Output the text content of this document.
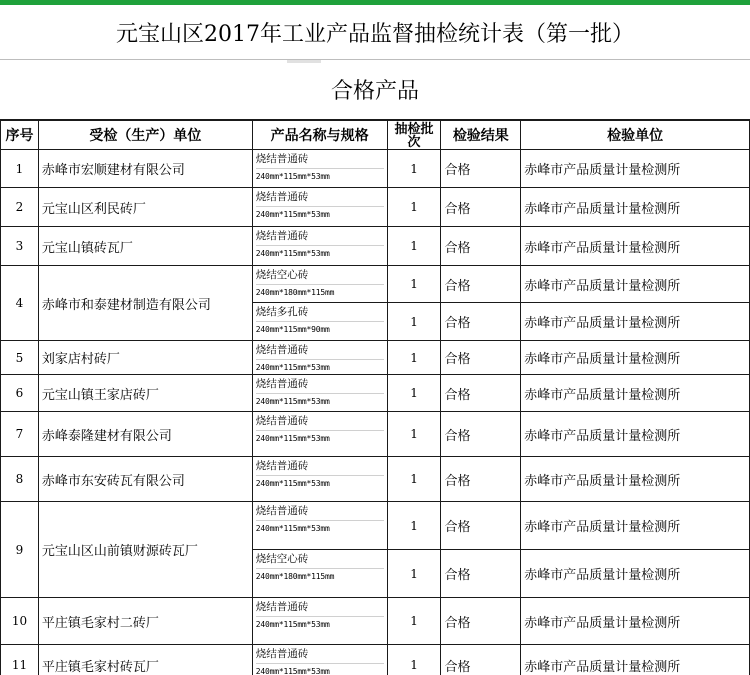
元宝山区2017年工业产品监督抽检统计表（第一批）
合格产品
序号	受检（生产）单位	产品名称与规格	抽检批次	检验结果	检验单位
1	赤峰市宏顺建材有限公司	烧结普通砖
240mm*115mm*53mm	1	合格	赤峰市产品质量计量检测所
2	元宝山区利民砖厂	烧结普通砖
240mm*115mm*53mm	1	合格	赤峰市产品质量计量检测所
3	元宝山镇砖瓦厂	烧结普通砖
240mm*115mm*53mm	1	合格	赤峰市产品质量计量检测所
4	赤峰市和泰建材制造有限公司	烧结空心砖
240mm*180mm*115mm	1	合格	赤峰市产品质量计量检测所

		烧结多孔砖
240mm*115mm*90mm	1	合格	赤峰市产品质量计量检测所
5	刘家店村砖厂	烧结普通砖
240mm*115mm*53mm	1	合格	赤峰市产品质量计量检测所
6	元宝山镇王家店砖厂	烧结普通砖
240mm*115mm*53mm	1	合格	赤峰市产品质量计量检测所
7	赤峰泰隆建材有限公司	烧结普通砖
240mm*115mm*53mm	1	合格	赤峰市产品质量计量检测所
8	赤峰市东安砖瓦有限公司	烧结普通砖
240mm*115mm*53mm	1	合格	赤峰市产品质量计量检测所
9	元宝山区山前镇财源砖瓦厂	烧结普通砖
240mm*115mm*53mm	1	合格	赤峰市产品质量计量检测所

		烧结空心砖
240mm*180mm*115mm	1	合格	赤峰市产品质量计量检测所
10	平庄镇毛家村二砖厂	烧结普通砖
240mm*115mm*53mm	1	合格	赤峰市产品质量计量检测所
11	平庄镇毛家村砖瓦厂	烧结普通砖
240mm*115mm*53mm	1	合格	赤峰市产品质量计量检测所
